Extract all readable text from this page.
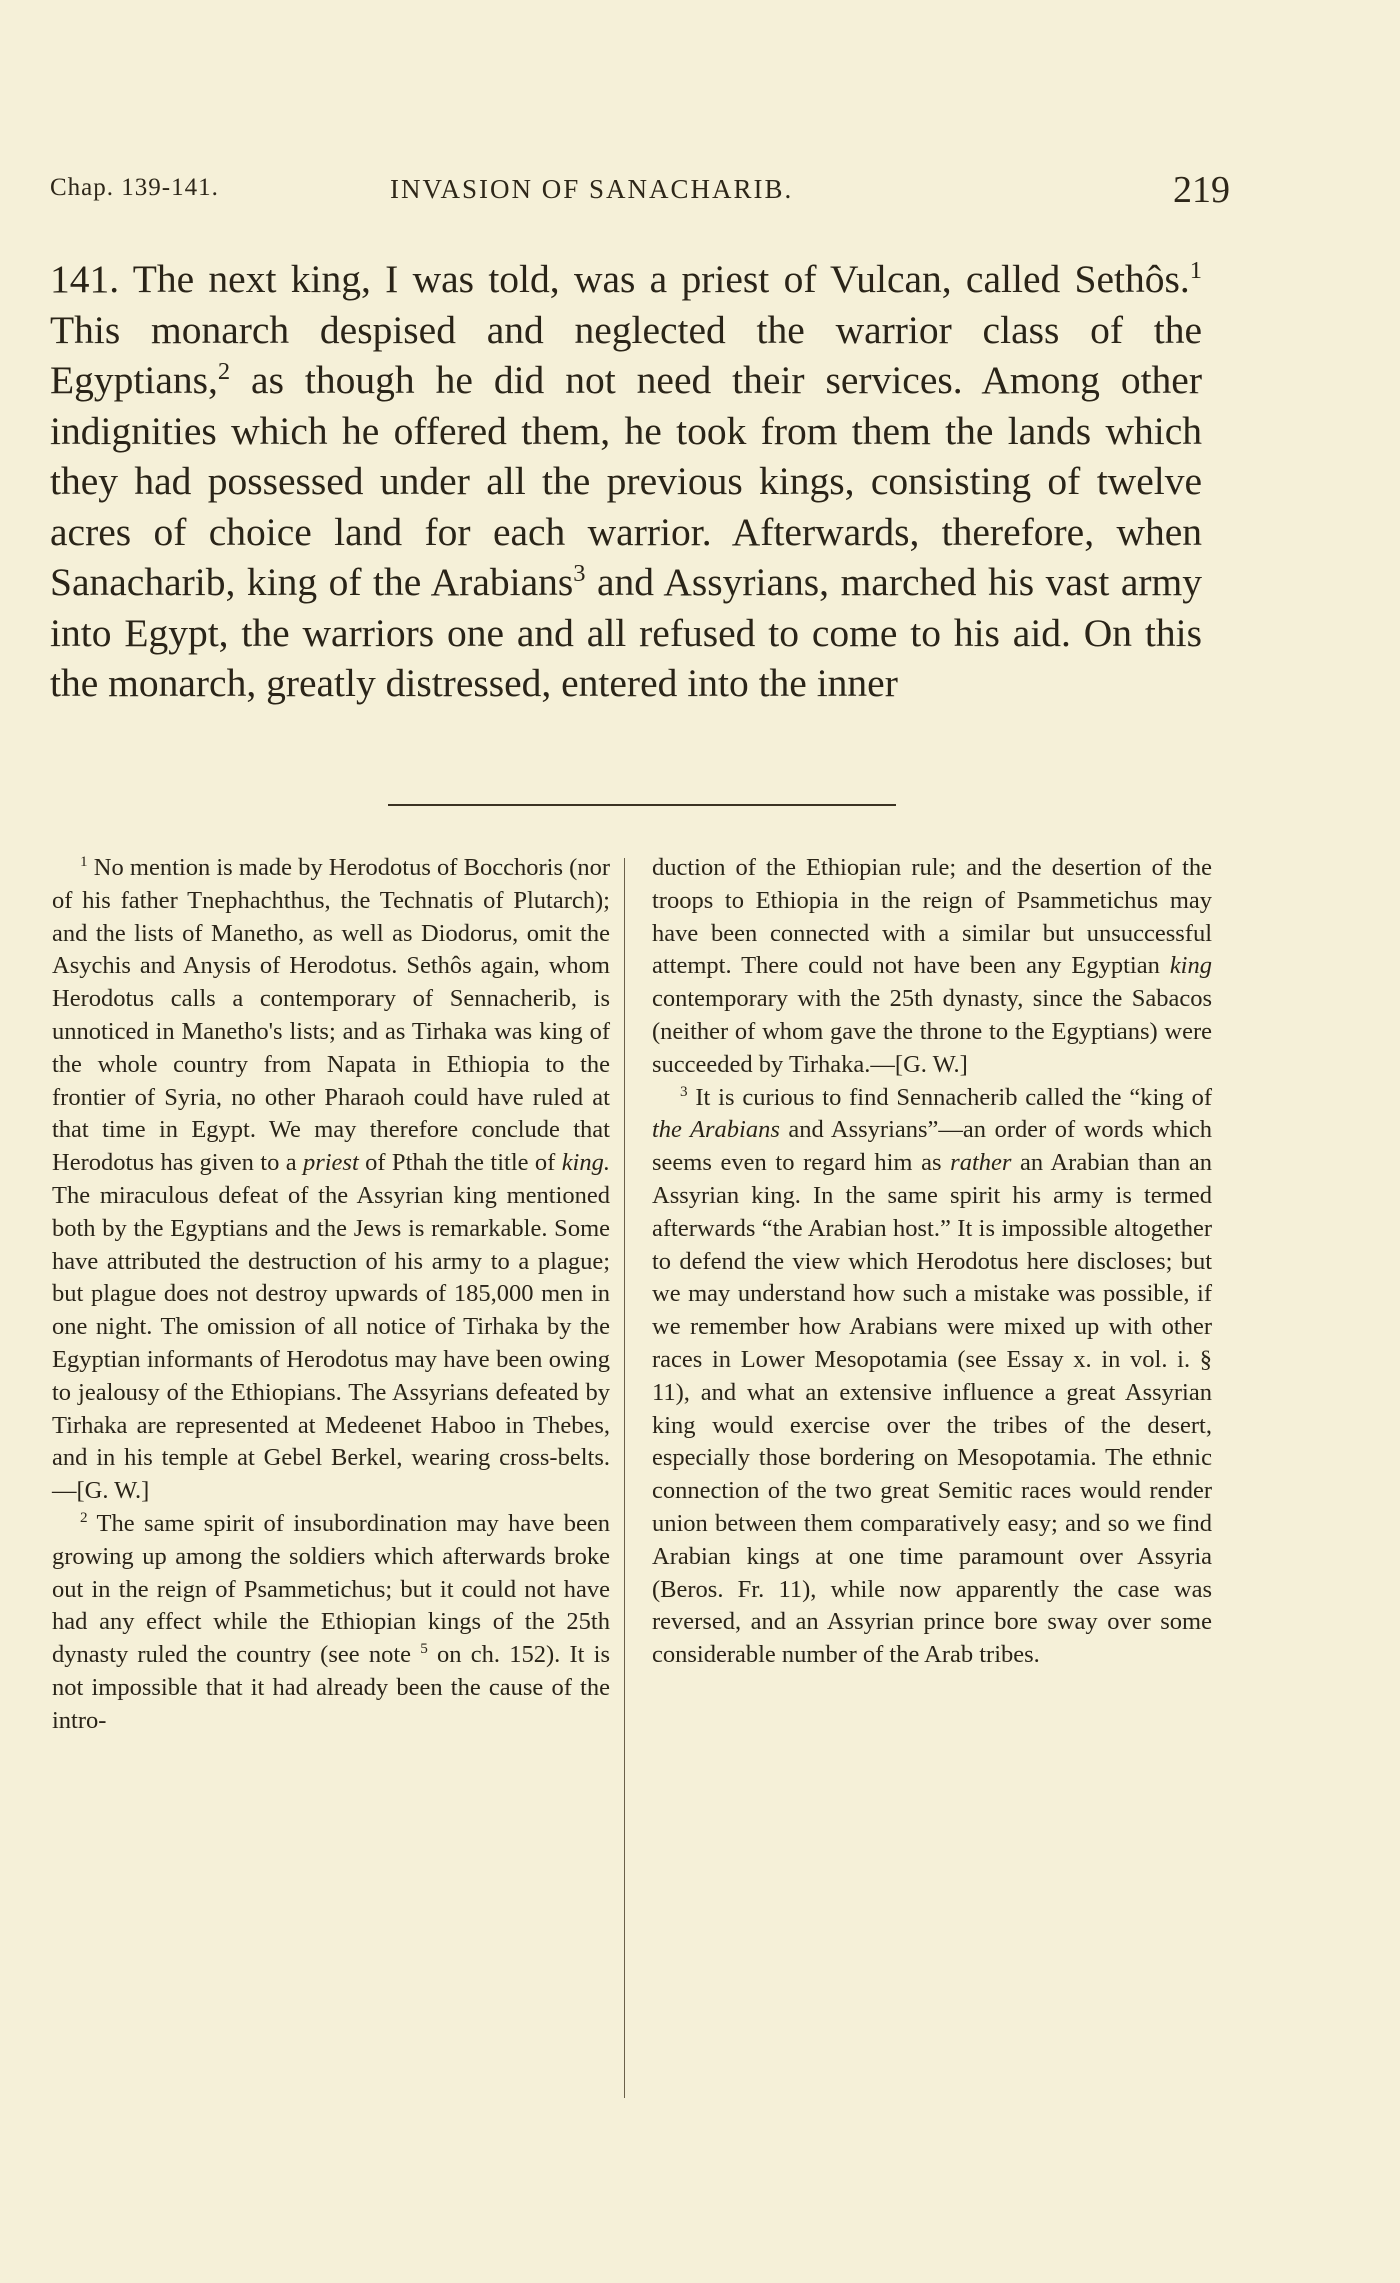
Chap. 139-141.	INVASION OF SANACHARIB.	219

141. The next king, I was told, was a priest of Vulcan, called Sethôs.$^1$ This monarch despised and neglected the warrior class of the Egyptians,$^2$ as though he did not need their services. Among other indignities which he offered them, he took from them the lands which they had possessed under all the previous kings, consisting of twelve acres of choice land for each warrior. Afterwards, therefore, when Sanacharib, king of the Arabians$^3$ and Assyrians, marched his vast army into Egypt, the warriors one and all refused to come to his aid. On this the monarch, greatly distressed, entered into the inner

$^1$ No mention is made by Herodotus of Bocchoris (nor of his father Tnephachthus, the Technatis of Plutarch); and the lists of Manetho, as well as Diodorus, omit the Asychis and Anysis of Herodotus. Sethôs again, whom Herodotus calls a contemporary of Sennacherib, is unnoticed in Manetho's lists; and as Tirhaka was king of the whole country from Napata in Ethiopia to the frontier of Syria, no other Pharaoh could have ruled at that time in Egypt. We may therefore conclude that Herodotus has given to a priest of Pthah the title of king. The miraculous defeat of the Assyrian king mentioned both by the Egyptians and the Jews is remarkable. Some have attributed the destruction of his army to a plague; but plague does not destroy upwards of 185,000 men in one night. The omission of all notice of Tirhaka by the Egyptian informants of Herodotus may have been owing to jealousy of the Ethiopians. The Assyrians defeated by Tirhaka are represented at Medeenet Haboo in Thebes, and in his temple at Gebel Berkel, wearing cross-belts.—[G. W.]

$^2$ The same spirit of insubordination may have been growing up among the soldiers which afterwards broke out in the reign of Psammetichus; but it could not have had any effect while the Ethiopian kings of the 25th dynasty ruled the country (see note $^5$ on ch. 152). It is not impossible that it had already been the cause of the intro-

duction of the Ethiopian rule; and the desertion of the troops to Ethiopia in the reign of Psammetichus may have been connected with a similar but unsuccessful attempt. There could not have been any Egyptian king contemporary with the 25th dynasty, since the Sabacos (neither of whom gave the throne to the Egyptians) were succeeded by Tirhaka.—[G. W.]

$^3$ It is curious to find Sennacherib called the “king of the Arabians and Assyrians”—an order of words which seems even to regard him as rather an Arabian than an Assyrian king. In the same spirit his army is termed afterwards “the Arabian host.” It is impossible altogether to defend the view which Herodotus here discloses; but we may understand how such a mistake was possible, if we remember how Arabians were mixed up with other races in Lower Mesopotamia (see Essay x. in vol. i. § 11), and what an extensive influence a great Assyrian king would exercise over the tribes of the desert, especially those bordering on Mesopotamia. The ethnic connection of the two great Semitic races would render union between them comparatively easy; and so we find Arabian kings at one time paramount over Assyria (Beros. Fr. 11), while now apparently the case was reversed, and an Assyrian prince bore sway over some considerable number of the Arab tribes.
